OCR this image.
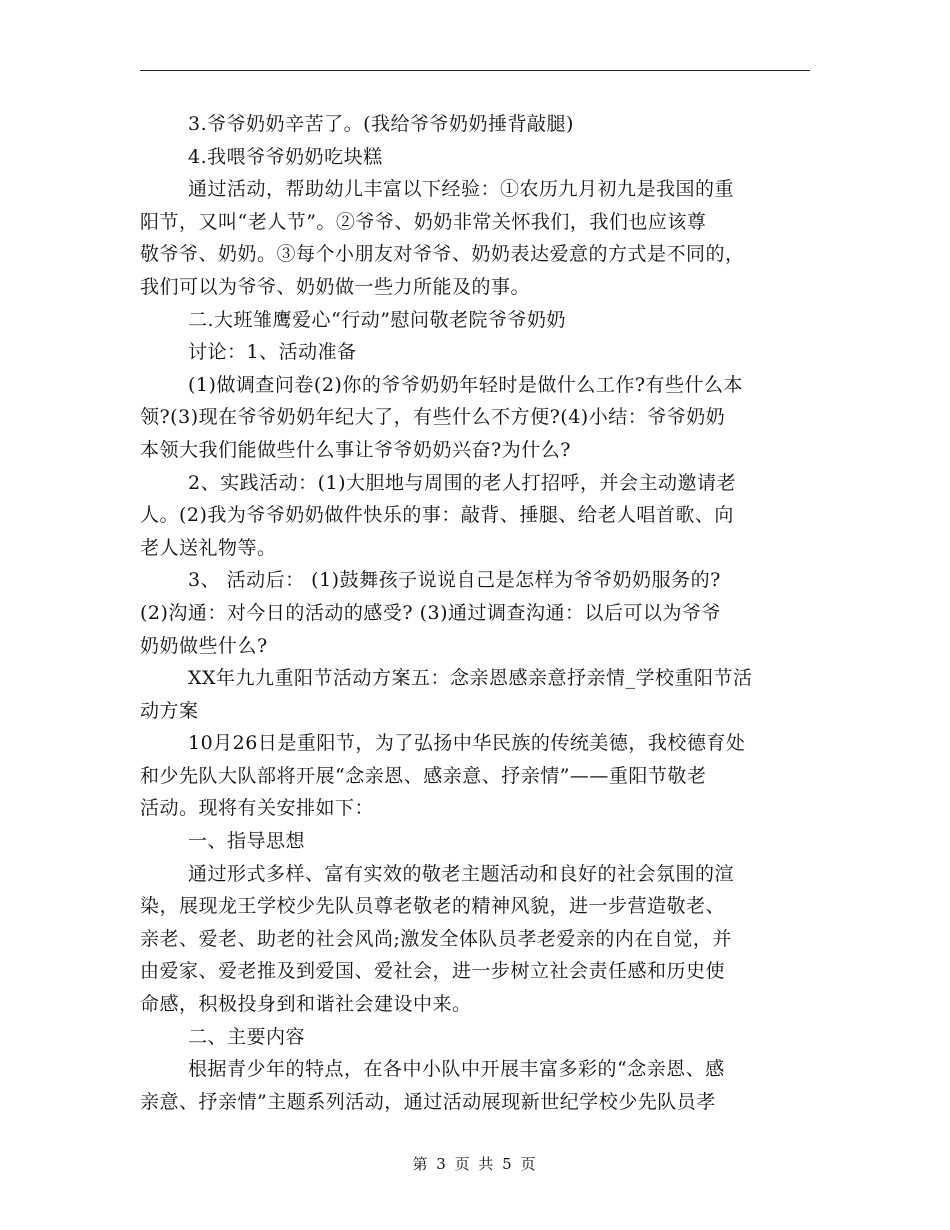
3.爷爷奶奶辛苦了。(我给爷爷奶奶捶背敲腿)
4.我喂爷爷奶奶吃块糕
通过活动，帮助幼儿丰富以下经验：①农历九月初九是我国的重
阳节，又叫“老人节”。②爷爷、奶奶非常关怀我们，我们也应该尊
敬爷爷、奶奶。③每个小朋友对爷爷、奶奶表达爱意的方式是不同的，
我们可以为爷爷、奶奶做一些力所能及的事。
二.大班雏鹰爱心“行动”慰问敬老院爷爷奶奶
讨论：1、活动准备
(1)做调查问卷(2)你的爷爷奶奶年轻时是做什么工作?有些什么本
领?(3)现在爷爷奶奶年纪大了，有些什么不方便?(4)小结：爷爷奶奶
本领大我们能做些什么事让爷爷奶奶兴奋?为什么?
2、实践活动：(1)大胆地与周围的老人打招呼，并会主动邀请老
人。(2)我为爷爷奶奶做件快乐的事：敲背、捶腿、给老人唱首歌、向
老人送礼物等。
3、 活动后： (1)鼓舞孩子说说自己是怎样为爷爷奶奶服务的?
(2)沟通：对今日的活动的感受? (3)通过调查沟通：以后可以为爷爷
奶奶做些什么?
XX年九九重阳节活动方案五：念亲恩感亲意抒亲情_学校重阳节活
动方案
10月26日是重阳节，为了弘扬中华民族的传统美德，我校德育处
和少先队大队部将开展“念亲恩、感亲意、抒亲情”——重阳节敬老
活动。现将有关安排如下：
一、指导思想
通过形式多样、富有实效的敬老主题活动和良好的社会氛围的渲
染，展现龙王学校少先队员尊老敬老的精神风貌，进一步营造敬老、
亲老、爱老、助老的社会风尚;激发全体队员孝老爱亲的内在自觉，并
由爱家、爱老推及到爱国、爱社会，进一步树立社会责任感和历史使
命感，积极投身到和谐社会建设中来。
二、主要内容
根据青少年的特点，在各中小队中开展丰富多彩的“念亲恩、感
亲意、抒亲情”主题系列活动，通过活动展现新世纪学校少先队员孝
第 3 页 共 5 页
